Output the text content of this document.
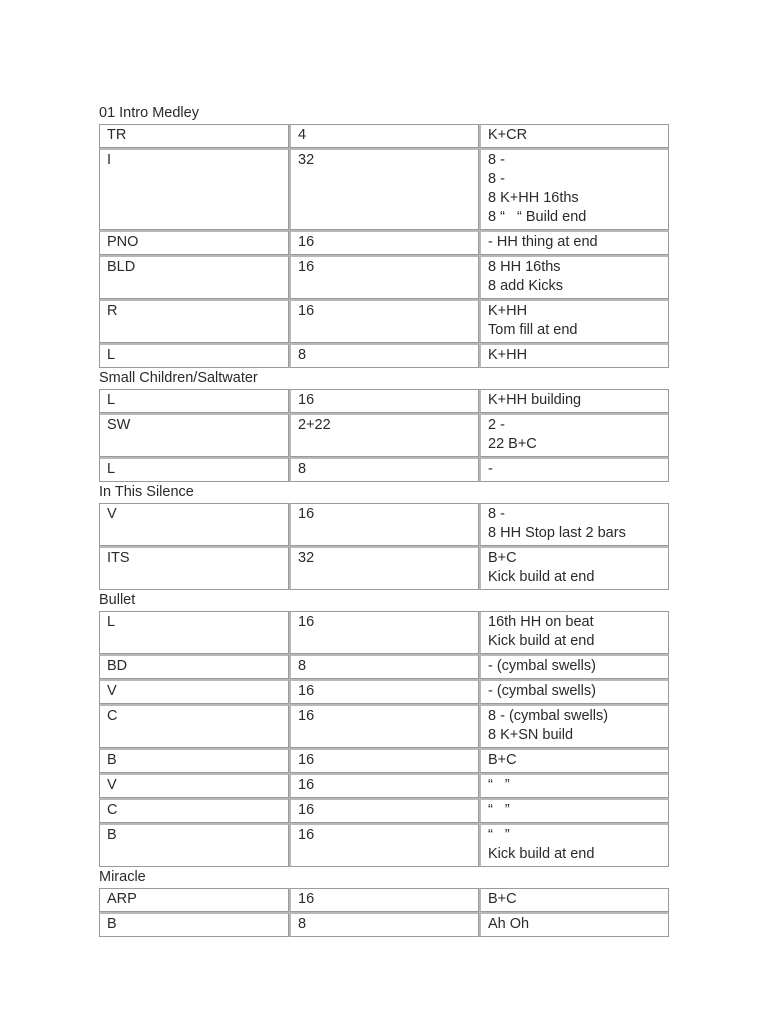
01 Intro Medley
TR	4	K+CR

I	32	8 -
8 -
8 K+HH 16ths
8 “   “ Build end

PNO	16	- HH thing at end

BLD	16	8 HH 16ths
8 add Kicks

R	16	K+HH
Tom fill at end

L	8	K+HH
Small Children/Saltwater
L	16	K+HH building

SW	2+22	2 -
22 B+C

L	8	-
In This Silence
V	16	8 -
8 HH Stop last 2 bars

ITS	32	B+C
Kick build at end
Bullet
L	16	16th HH on beat
Kick build at end

BD	8	- (cymbal swells)

V	16	- (cymbal swells)

C	16	8 - (cymbal swells)
8 K+SN build

B	16	B+C

V	16	“   ”

C	16	“   ”

B	16	“   ”
Kick build at end
Miracle
ARP	16	B+C

B	8	Ah Oh
